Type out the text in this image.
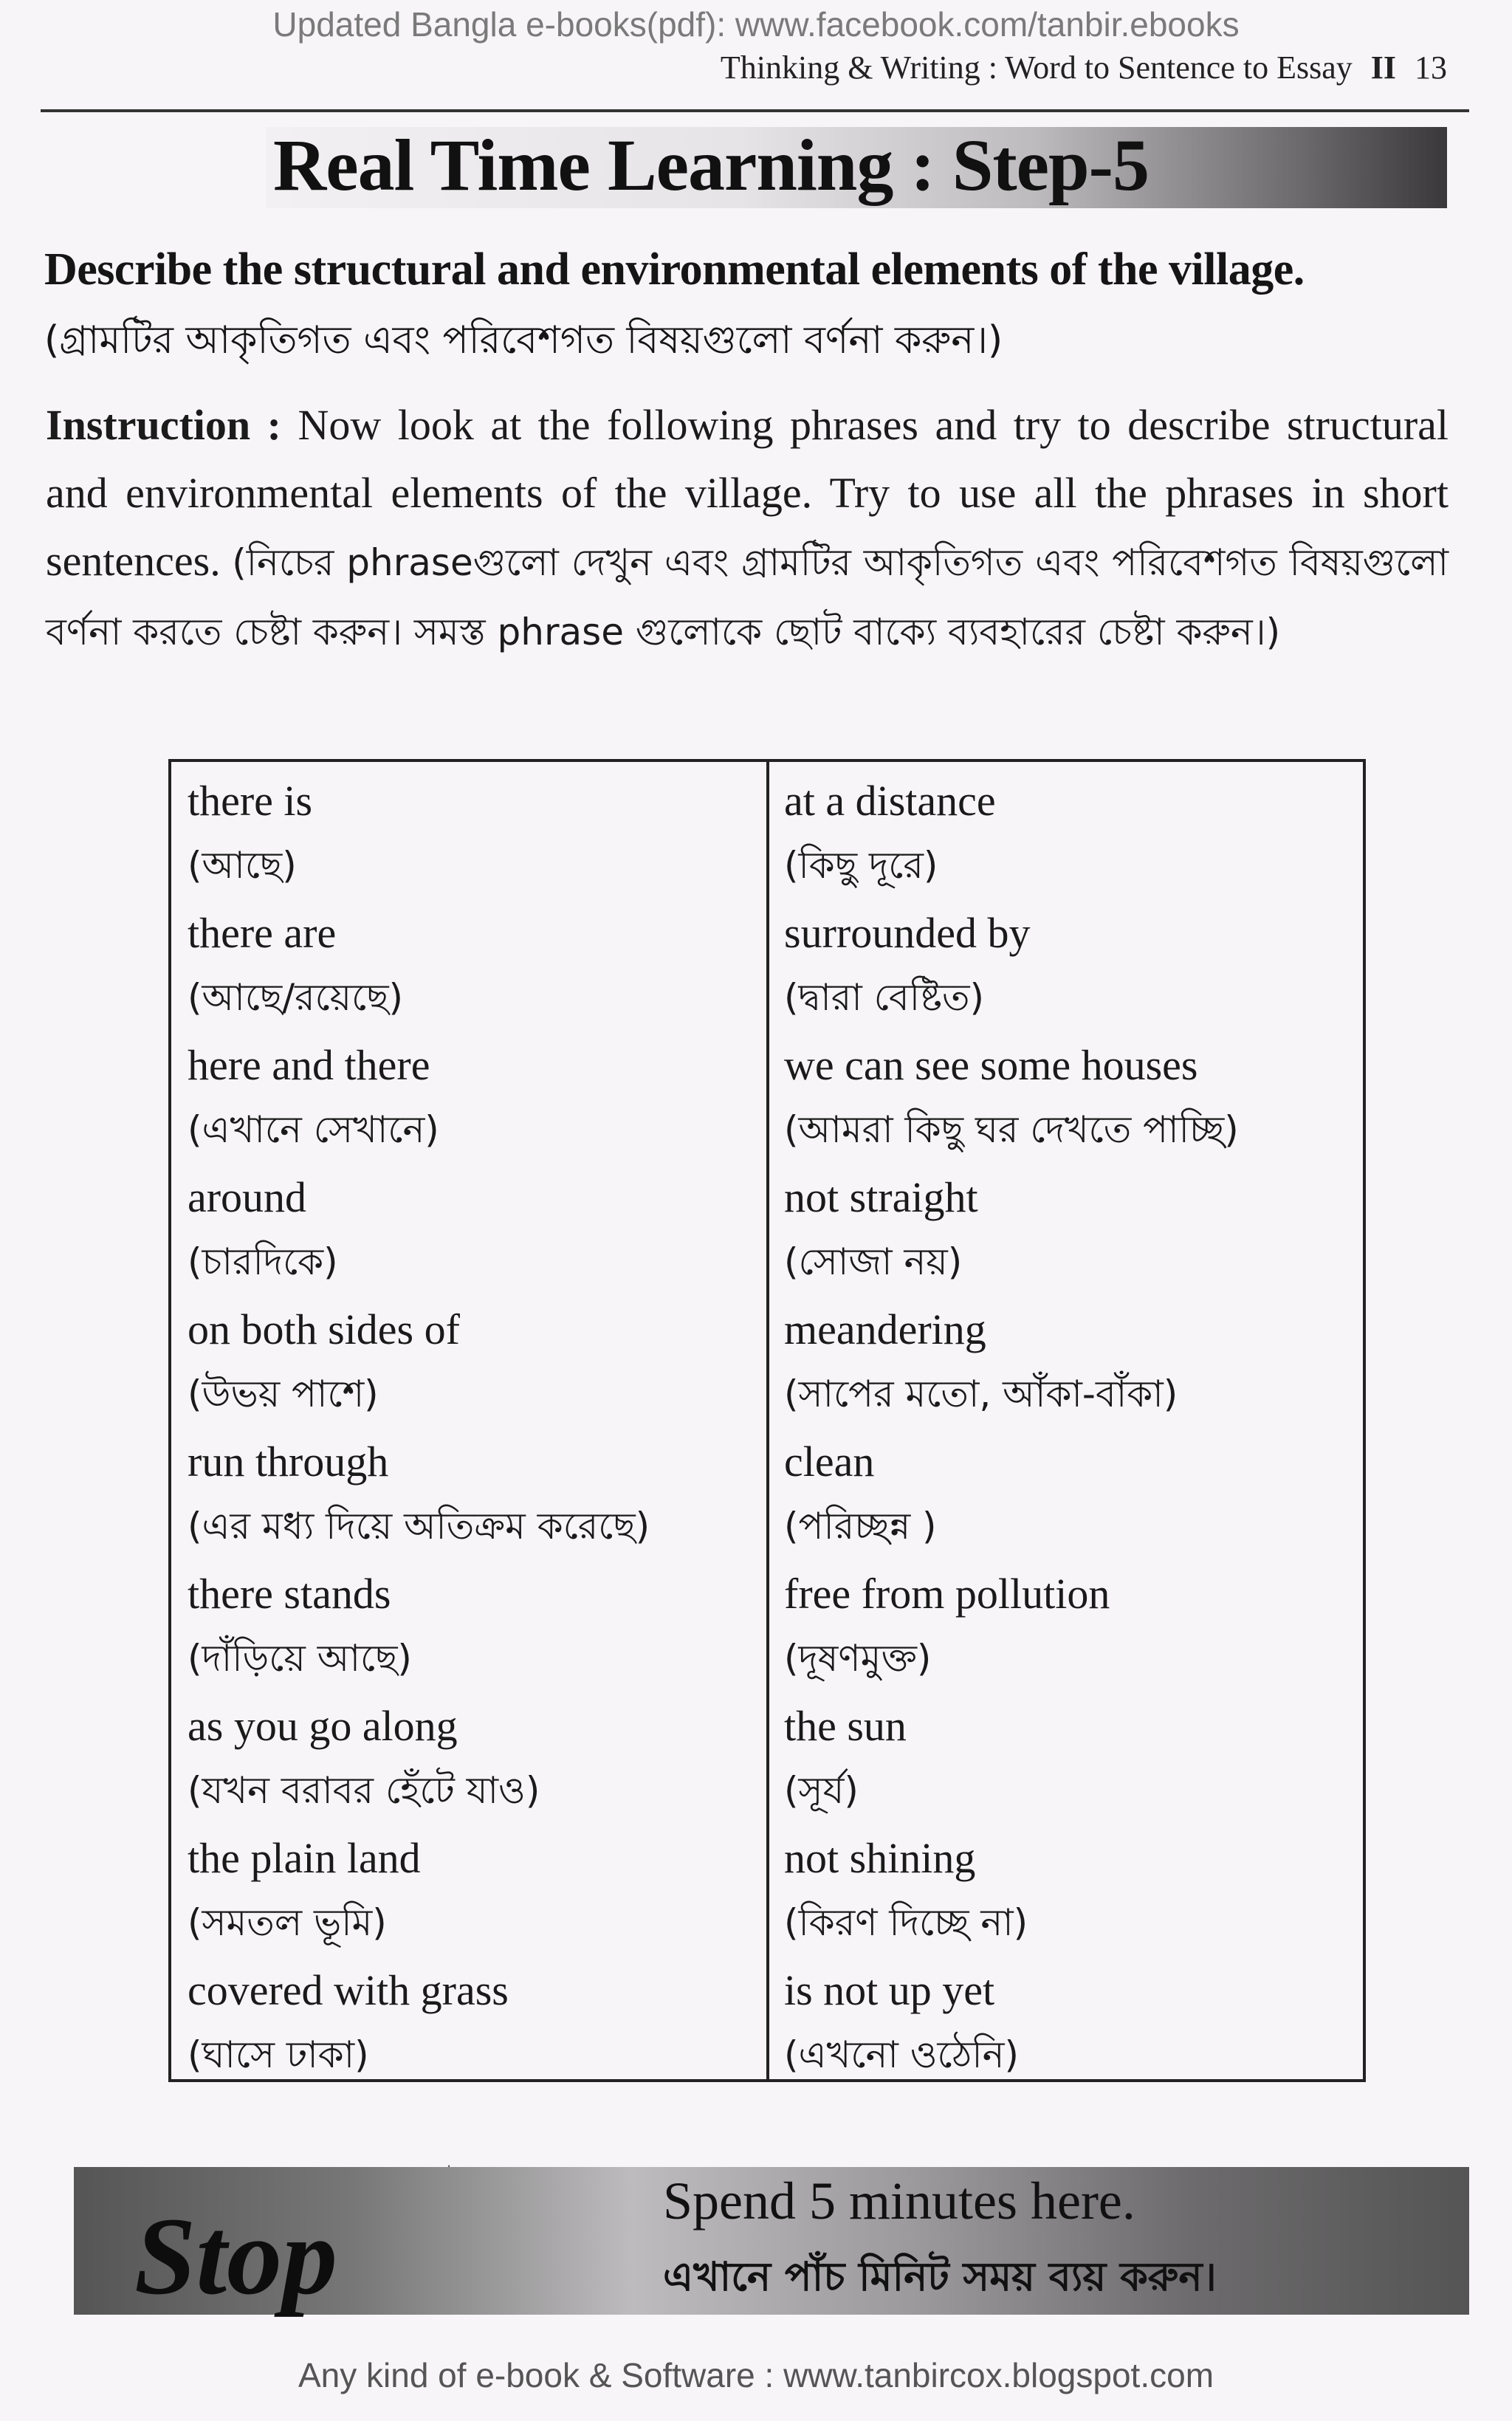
Updated Bangla e-books(pdf): www.facebook.com/tanbir.ebooks
Thinking & Writing : Word to Sentence to Essay II 13
Real Time Learning : Step-5
Describe the structural and environmental elements of the village.
(গ্রামটির আকৃতিগত এবং পরিবেশগত বিষয়গুলো বর্ণনা করুন।)
Instruction : Now look at the following phrases and try to describe structural and environmental elements of the village. Try to use all the phrases in short sentences. (নিচের phraseগুলো দেখুন এবং গ্রামটির আকৃতিগত এবং পরিবেশগত বিষয়গুলো বর্ণনা করতে চেষ্টা করুন। সমস্ত phrase গুলোকে ছোট বাক্যে ব্যবহারের চেষ্টা করুন।)
there is
(আছে)
there are
(আছে/রয়েছে)
here and there
(এখানে সেখানে)
around
(চারদিকে)
on both sides of
(উভয় পাশে)
run through
(এর মধ্য দিয়ে অতিক্রম করেছে)
there stands
(দাঁড়িয়ে আছে)
as you go along
(যখন বরাবর হেঁটে যাও)
the plain land
(সমতল ভূমি)
covered with grass
(ঘাসে ঢাকা)
at a distance
(কিছু দূরে)
surrounded by
(দ্বারা বেষ্টিত)
we can see some houses
(আমরা কিছু ঘর দেখতে পাচ্ছি)
not straight
(সোজা নয়)
meandering
(সাপের মতো, আঁকা-বাঁকা)
clean
(পরিচ্ছন্ন )
free from pollution
(দূষণমুক্ত)
the sun
(সূর্য)
not shining
(কিরণ দিচ্ছে না)
is not up yet
(এখনো ওঠেনি)
Stop	Spend 5 minutes here.
এখানে পাঁচ মিনিট সময় ব্যয় করুন।
Any kind of e-book & Software : www.tanbircox.blogspot.com
